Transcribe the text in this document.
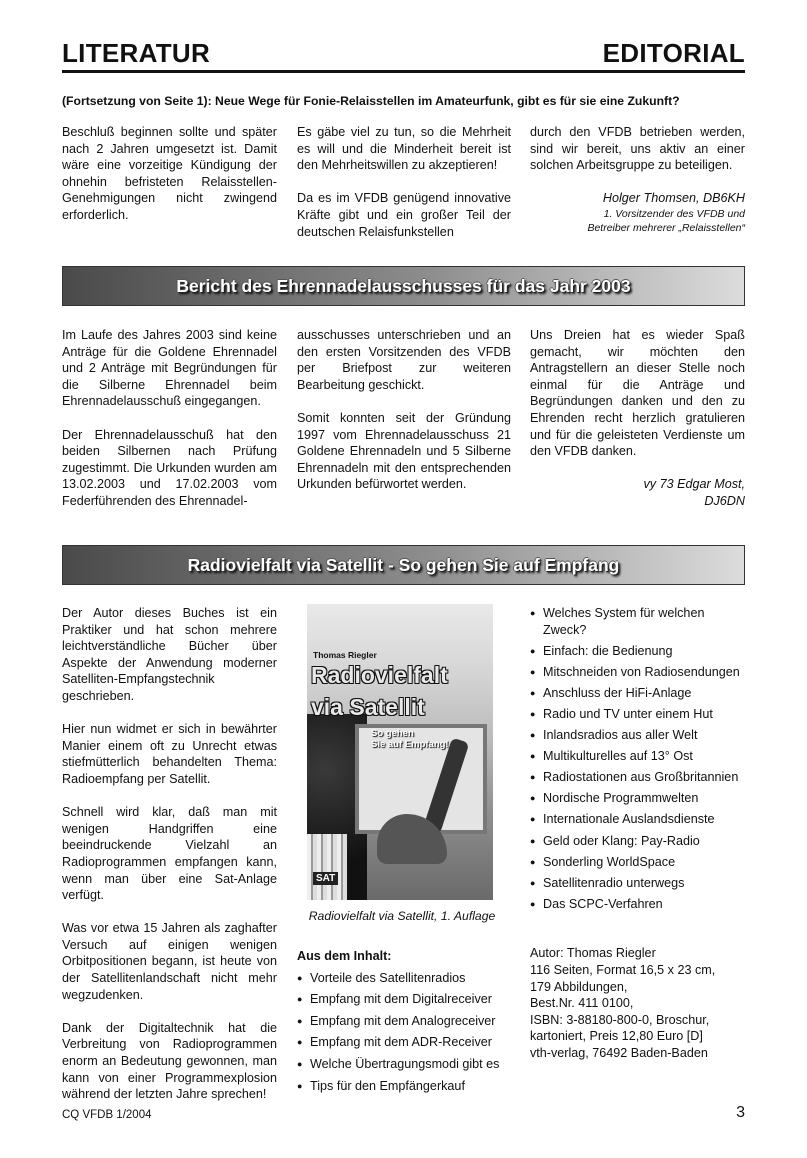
LITERATUR	EDITORIAL
(Fortsetzung von Seite 1): Neue Wege für Fonie-Relaisstellen im Amateurfunk, gibt es für sie eine Zukunft?

Beschluß beginnen sollte und später nach 2 Jahren umgesetzt ist. Damit wäre eine vorzeitige Kündigung der ohnehin befristeten Relaisstellen-Genehmigungen nicht zwingend erforderlich.

Es gäbe viel zu tun, so die Mehrheit es will und die Minderheit bereit ist den Mehrheitswillen zu akzeptieren!

Da es im VFDB genügend innovative Kräfte gibt und ein großer Teil der deutschen Relaisfunkstellen

durch den VFDB betrieben werden, sind wir bereit, uns aktiv an einer solchen Arbeitsgruppe zu beteiligen.

Holger Thomsen, DB6KH
1. Vorsitzender des VFDB und
Betreiber mehrerer „Relaisstellen“
Bericht des Ehrennadelausschusses für das Jahr 2003

Im Laufe des Jahres 2003 sind keine Anträge für die Goldene Ehrennadel und 2 Anträge mit Begründungen für die Silberne Ehrennadel beim Ehrennadelausschuß eingegangen.

Der Ehrennadelausschuß hat den beiden Silbernen nach Prüfung zugestimmt. Die Urkunden wurden am 13.02.2003 und 17.02.2003 vom Federführenden des Ehrennadel-

ausschusses unterschrieben und an den ersten Vorsitzenden des VFDB per Briefpost zur weiteren Bearbeitung geschickt.

Somit konnten seit der Gründung 1997 vom Ehrennadelausschuss 21 Goldene Ehrennadeln und 5 Silberne Ehrennadeln mit den entsprechenden Urkunden befürwortet werden.

Uns Dreien hat es wieder Spaß gemacht, wir möchten den Antragstellern an dieser Stelle noch einmal für die Anträge und Begründungen danken und den zu Ehrenden recht herzlich gratulieren und für die geleisteten Verdienste um den VFDB danken.

vy 73 Edgar Most,
DJ6DN
Radiovielfalt via Satellit - So gehen Sie auf Empfang

Der Autor dieses Buches ist ein Praktiker und hat schon mehrere leichtverständliche Bücher über Aspekte der Anwendung moderner Satelliten-Empfangstechnik geschrieben.

Hier nun widmet er sich in bewährter Manier einem oft zu Unrecht etwas stiefmütterlich behandelten Thema: Radioempfang per Satellit.

Schnell wird klar, daß man mit wenigen Handgriffen eine beeindruckende Vielzahl an Radioprogrammen empfangen kann, wenn man über eine Sat-Anlage verfügt.

Was vor etwa 15 Jahren als zaghafter Versuch auf einigen wenigen Orbitpositionen begann, ist heute von der Satellitenlandschaft nicht mehr wegzudenken.

Dank der Digitaltechnik hat die Verbreitung von Radioprogrammen enorm an Bedeutung gewonnen, man kann von einer Programmexplosion während der letzten Jahre sprechen!

Thomas Riegler
Radiovielfalt
via Satellit
So gehen
Sie auf Empfang!
SAT
Radiovielfalt via Satellit, 1. Auflage
Aus dem Inhalt:
● Vorteile des Satellitenradios
● Empfang mit dem Digitalreceiver
● Empfang mit dem Analogreceiver
● Empfang mit dem ADR-Receiver
● Welche Übertragungsmodi gibt es
● Tips für den Empfängerkauf
● Welches System für welchen Zweck?
● Einfach: die Bedienung
● Mitschneiden von Radiosendungen
● Anschluss der HiFi-Anlage
● Radio und TV unter einem Hut
● Inlandsradios aus aller Welt
● Multikulturelles auf 13° Ost
● Radiostationen aus Großbritannien
● Nordische Programmwelten
● Internationale Auslandsdienste
● Geld oder Klang: Pay-Radio
● Sonderling WorldSpace
● Satellitenradio unterwegs
● Das SCPC-Verfahren
Autor: Thomas Riegler
116 Seiten, Format 16,5 x 23 cm,
179 Abbildungen,
Best.Nr. 411 0100,
ISBN: 3-88180-800-0, Broschur,
kartoniert, Preis 12,80 Euro [D]
vth-verlag, 76492 Baden-Baden
CQ VFDB 1/2004	3
